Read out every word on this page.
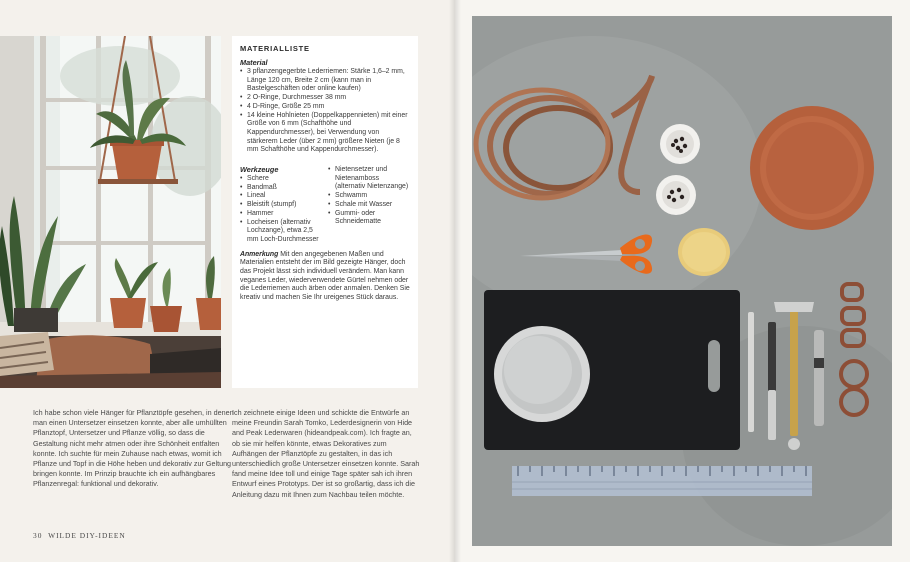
MATERIALLISTE
Material
• 3 pflanzengegerbte Lederriemen: Stärke 1,6–2 mm, Länge 120 cm, Breite 2 cm (kann man in Bastelgeschäften oder online kaufen)
• 2 O-Ringe, Durchmesser 38 mm
• 4 D-Ringe, Größe 25 mm
• 14 kleine Hohlnieten (Doppelkappennieten) mit einer Größe von 6 mm (Schafthöhe und Kappendurchmesser), bei Verwendung von stärkerem Leder (über 2 mm) größere Nieten (je 8 mm Schafthöhe und Kappendurchmesser).
Werkzeuge
• Schere
• Bandmaß
• Lineal
• Bleistift (stumpf)
• Hammer
• Locheisen (alternativ Lochzange), etwa 2,5 mm Loch-Durchmesser
• Nietensetzer und Nietenamboss (alternativ Nietenzange)
• Schwamm
• Schale mit Wasser
• Gummi- oder Schneidematte

Anmerkung Mit den angegebenen Maßen und Materialien entsteht der im Bild gezeigte Hänger, doch das Projekt lässt sich individuell verändern. Man kann veganes Leder, wiederverwendete Gürtel nehmen oder die Lederriemen auch ärben oder anmalen. Denken Sie kreativ und machen Sie Ihr ureigenes Stück daraus.

Ich habe schon viele Hänger für Pflanztöpfe gesehen, in denen man einen Untersetzer einsetzen konnte, aber alle umhüllten Pflanztopf, Untersetzer und Pflanze völlig, so dass die Gestaltung nicht mehr atmen oder ihre Schönheit entfalten konnte. Ich suchte für mein Zuhause nach etwas, womit ich Pflanze und Topf in die Höhe heben und dekorativ zur Geltung bringen konnte. Im Prinzip brauchte ich ein aufhängbares Pflanzenregal: funktional und dekorativ.

Ich zeichnete einige Ideen und schickte die Entwürfe an meine Freundin Sarah Tomko, Lederdesignerin von Hide and Peak Lederwaren (hideandpeak.com). Ich fragte an, ob sie mir helfen könnte, etwas Dekoratives zum Aufhängen der Pflanztöpfe zu gestalten, in das ich unterschiedlich große Untersetzer einsetzen konnte. Sarah fand meine Idee toll und einige Tage später sah ich ihren Entwurf eines Prototyps. Der ist so großartig, dass ich die Anleitung dazu mit Ihnen zum Nachbau teilen möchte.

30 WILDE DIY-IDEEN
